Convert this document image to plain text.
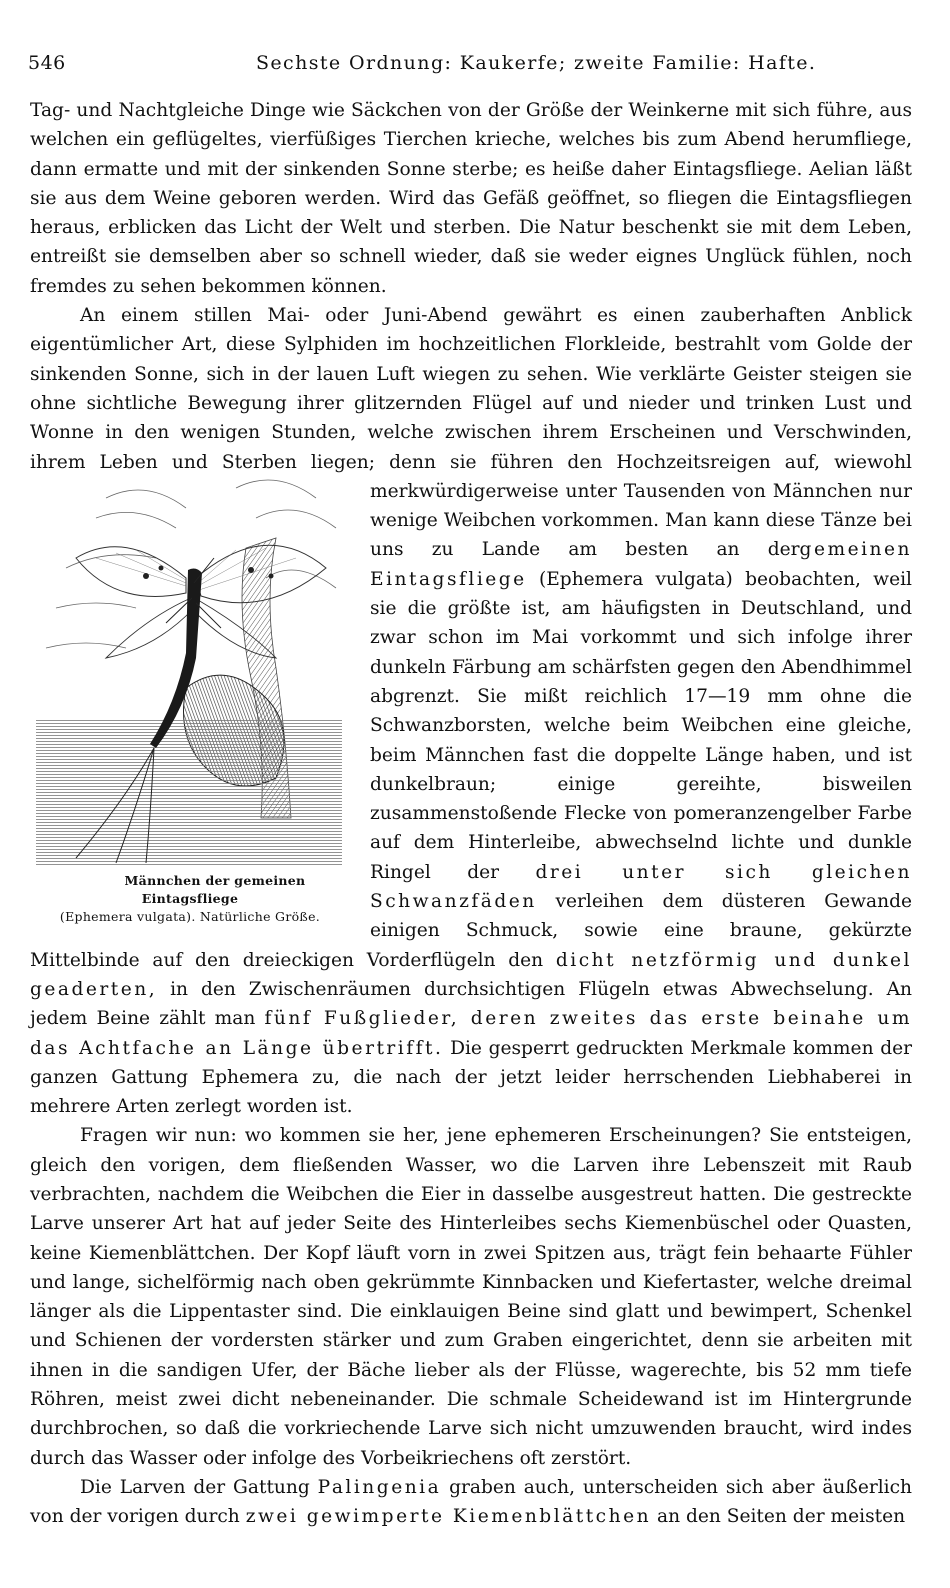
546	Sechste Ordnung: Kaukerfe; zweite Familie: Hafte.

Tag- und Nachtgleiche Dinge wie Säckchen von der Größe der Weinkerne mit sich führe, aus welchen ein geflügeltes, vierfüßiges Tierchen krieche, welches bis zum Abend herumfliege, dann ermatte und mit der sinkenden Sonne sterbe; es heiße daher Eintagsfliege. Aelian läßt sie aus dem Weine geboren werden. Wird das Gefäß geöffnet, so fliegen die Eintagsfliegen heraus, erblicken das Licht der Welt und sterben. Die Natur beschenkt sie mit dem Leben, entreißt sie demselben aber so schnell wieder, daß sie weder eignes Unglück fühlen, noch fremdes zu sehen bekommen können.

An einem stillen Mai- oder Juni-Abend gewährt es einen zauberhaften Anblick eigentümlicher Art, diese Sylphiden im hochzeitlichen Florkleide, bestrahlt vom Golde der sinkenden Sonne, sich in der lauen Luft wiegen zu sehen. Wie verklärte Geister steigen sie ohne sichtliche Bewegung ihrer glitzernden Flügel auf und nieder und trinken Lust und Wonne in den wenigen Stunden, welche zwischen ihrem Erscheinen und Verschwinden, ihrem Leben und
Männchen der gemeinen Eintagsfliege
(Ephemera vulgata). Natürliche Größe.
Sterben liegen; denn sie führen den Hochzeitsreigen auf, wiewohl merkwürdigerweise unter Tausenden von Männchen nur wenige Weibchen vorkommen. Man kann diese Tänze bei uns zu Lande am besten an dergemeinen Eintagsfliege (Ephemera vulgata) beobachten, weil sie die größte ist, am häufigsten in Deutschland, und zwar schon im Mai vorkommt und sich infolge ihrer dunkeln Färbung am schärfsten gegen den Abendhimmel abgrenzt. Sie mißt reichlich 17—19 mm ohne die Schwanzborsten, welche beim Weibchen eine gleiche, beim Männchen fast die doppelte Länge haben, und ist dunkelbraun; einige gereihte, bisweilen zusammenstoßende Flecke von pomeranzengelber Farbe auf dem Hinterleibe, abwechselnd lichte und dunkle Ringel der drei unter sich gleichen Schwanzfäden verleihen dem düsteren Gewande einigen Schmuck, sowie eine braune, gekürzte Mittelbinde auf den dreieckigen Vorderflügeln den dicht netzförmig und dunkel geaderten, in den Zwischenräumen durchsichtigen Flügeln etwas Abwechselung. An jedem Beine zählt man fünf Fußglieder, deren zweites das erste beinahe um das Achtfache an Länge übertrifft. Die gesperrt gedruckten Merkmale kommen der ganzen Gattung Ephemera zu, die nach der jetzt leider herrschenden Liebhaberei in mehrere Arten zerlegt worden ist.

Fragen wir nun: wo kommen sie her, jene ephemeren Erscheinungen? Sie entsteigen, gleich den vorigen, dem fließenden Wasser, wo die Larven ihre Lebenszeit mit Raub verbrachten, nachdem die Weibchen die Eier in dasselbe ausgestreut hatten. Die gestreckte Larve unserer Art hat auf jeder Seite des Hinterleibes sechs Kiemenbüschel oder Quasten, keine Kiemenblättchen. Der Kopf läuft vorn in zwei Spitzen aus, trägt fein behaarte Fühler und lange, sichelförmig nach oben gekrümmte Kinnbacken und Kiefertaster, welche dreimal länger als die Lippentaster sind. Die einklauigen Beine sind glatt und bewimpert, Schenkel und Schienen der vordersten stärker und zum Graben eingerichtet, denn sie arbeiten mit ihnen in die sandigen Ufer, der Bäche lieber als der Flüsse, wagerechte, bis 52 mm tiefe Röhren, meist zwei dicht nebeneinander. Die schmale Scheidewand ist im Hintergrunde durchbrochen, so daß die vorkriechende Larve sich nicht umzuwenden braucht, wird indes durch das Wasser oder infolge des Vorbeikriechens oft zerstört.

Die Larven der Gattung Palingenia graben auch, unterscheiden sich aber äußerlich von der vorigen durch zwei gewimperte Kiemenblättchen an den Seiten der meisten
